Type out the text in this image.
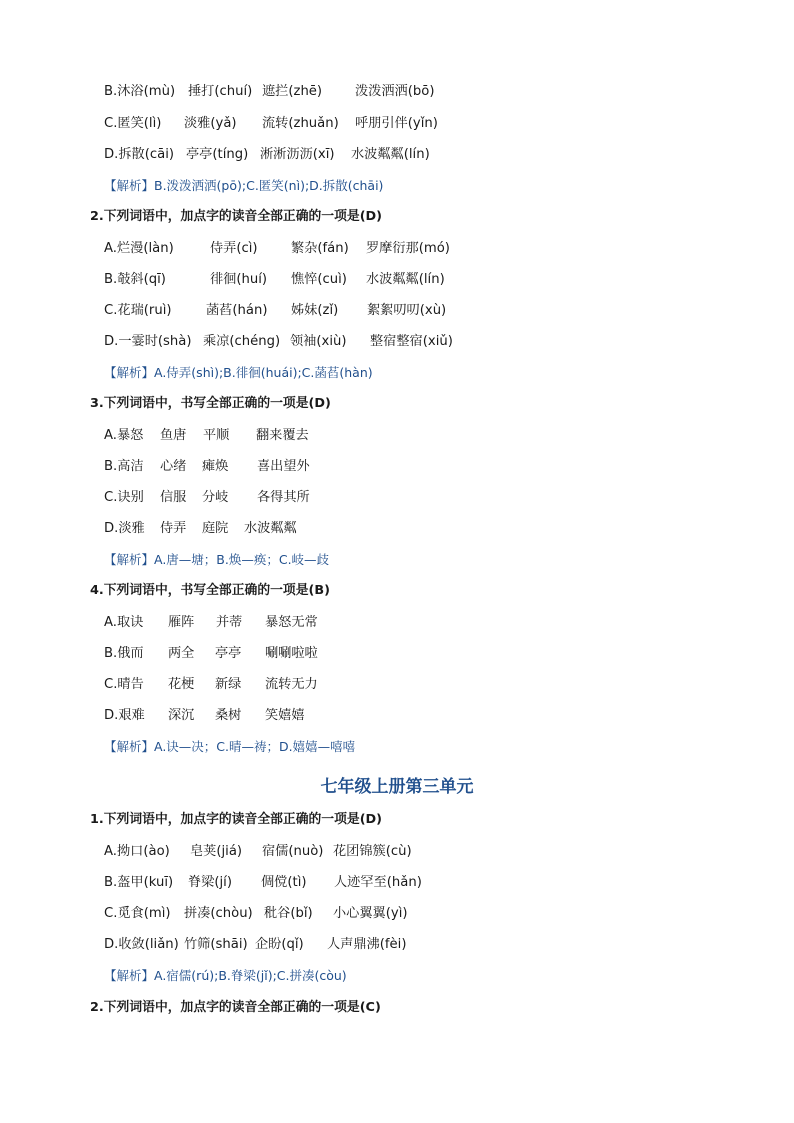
B.沐浴(mù) 捶打(chuí) 遮拦(zhē) 泼泼洒洒(bō)
C.匿笑(lì) 淡雅(yǎ) 流转(zhuǎn) 呼朋引伴(yǐn)
D.拆散(cāi) 亭亭(tíng) 淅淅沥沥(xī) 水波粼粼(lín)
【解析】B.泼泼洒洒(pō);C.匿笑(nì);D.拆散(chāi)
2.下列词语中，加点字的读音全部正确的一项是(D)
A.烂漫(làn)	侍弄(cì)	繁杂(fán) 罗摩衍那(mó)
B.攲斜(qī)	徘徊(huí) 憔悴(cuì) 水波粼粼(lín)
C.花瑞(ruì)	菡萏(hán) 姊妹(zǐ) 絮絮叨叨(xù)
D.一霎时(shà) 乘凉(chéng) 领袖(xiù) 整宿整宿(xiǔ)
【解析】A.侍弄(shì);B.徘徊(huái);C.菡萏(hàn)
3.下列词语中，书写全部正确的一项是(D)
A.暴怒 鱼唐 平顺 翻来覆去
B.高洁 心绪 瘫焕 喜出望外
C.诀别 信服 分岐 各得其所
D.淡雅 侍弄 庭院 水波粼粼
【解析】A.唐—塘；B.焕—痪；C.岐—歧
4.下列词语中，书写全部正确的一项是(B)
A.取诀 雁阵 并蒂 暴怒无常
B.俄而 两全 亭亭 唰唰啦啦
C.晴告 花梗 新绿 流转无力
D.艰难 深沉 桑树 笑嬉嬉
【解析】A.诀—决；C.晴—祷；D.嬉嬉—嘻嘻
1.下列词语中，加点字的读音全部正确的一项是(D)
A.拗口(ào) 皂荚(jiá) 宿儒(nuò) 花团锦簇(cù)
B.盔甲(kuī) 脊梁(jí) 倜傥(tì) 人迹罕至(hǎn)
C.觅食(mì) 拼凑(chòu) 秕谷(bǐ) 小心翼翼(yì)
D.收敛(liǎn) 竹筛(shāi) 企盼(qǐ) 人声鼎沸(fèi)
【解析】A.宿儒(rú);B.脊梁(jǐ);C.拼凑(còu)
2.下列词语中，加点字的读音全部正确的一项是(C)
七年级上册第三单元
